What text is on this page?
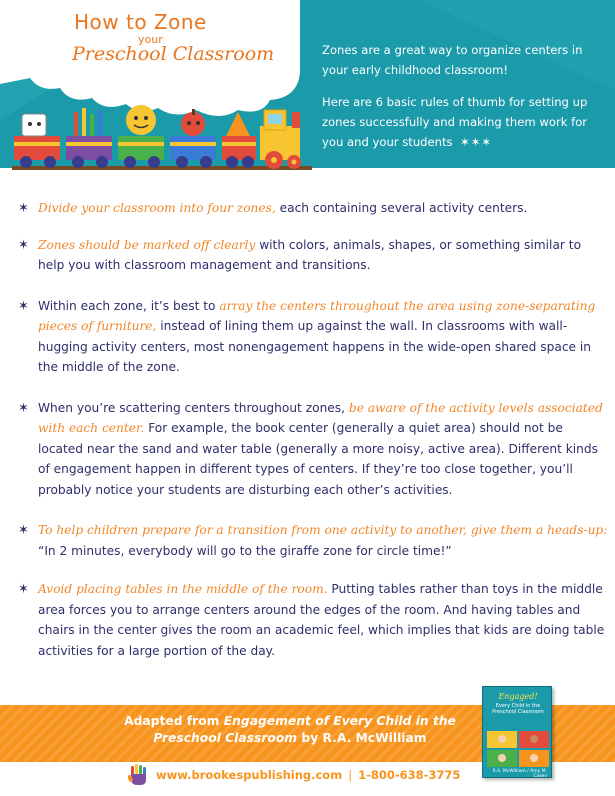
How to Zone
your
Preschool Classroom	Zones are a great way to organize centers in your early childhood classroom!

Here are 6 basic rules of thumb for setting up zones successfully and making them work for you and your students ✶✶✶

✶ Divide your classroom into four zones, each containing several activity centers.
✶ Zones should be marked off clearly with colors, animals, shapes, or something similar to help you with classroom management and transitions.
✶ Within each zone, it’s best to array the centers throughout the area using zone-separating pieces of furniture, instead of lining them up against the wall. In classrooms with wall-hugging activity centers, most nonengagement happens in the wide-open shared space in the middle of the zone.
✶ When you’re scattering centers throughout zones, be aware of the activity levels associated with each center. For example, the book center (generally a quiet area) should not be located near the sand and water table (generally a more noisy, active area). Different kinds of engagement happen in different types of centers. If they’re too close together, you’ll probably notice your students are disturbing each other’s activities.
✶ To help children prepare for a transition from one activity to another, give them a heads-up: “In 2 minutes, everybody will go to the giraffe zone for circle time!”
✶ Avoid placing tables in the middle of the room. Putting tables rather than toys in the middle area forces you to arrange centers around the edges of the room. And having tables and chairs in the center gives the room an academic feel, which implies that kids are doing table activities for a large portion of the day.
Adapted from Engagement of Every Child in the Preschool Classroom by R.A. McWilliam
Engaged!
Every Child in the Preschool Classroom
R.A. McWilliam / Amy M. Casey
www.brookespublishing.com | 1-800-638-3775
